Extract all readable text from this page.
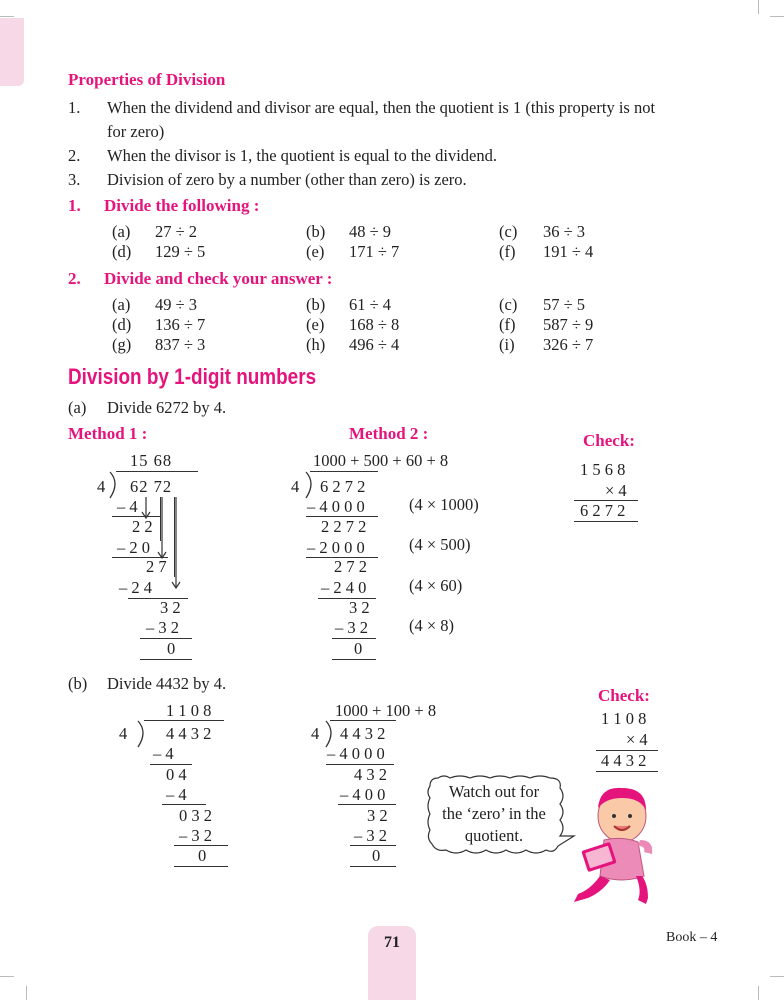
Properties of Division
1. When the dividend and divisor are equal, then the quotient is 1 (this property is not
for zero)
2. When the divisor is 1, the quotient is equal to the dividend.
3. Division of zero by a number (other than zero) is zero.
1. Divide the following :
(a) 27 ÷ 2	(b) 48 ÷ 9	(c) 36 ÷ 3
(d) 129 ÷ 5	(e) 171 ÷ 7	(f) 191 ÷ 4
2. Divide and check your answer :
(a) 49 ÷ 3	(b) 61 ÷ 4	(c) 57 ÷ 5
(d) 136 ÷ 7	(e) 168 ÷ 8	(f) 587 ÷ 9
(g) 837 ÷ 3	(h) 496 ÷ 4	(i) 326 ÷ 7
Division by 1-digit numbers
(a) Divide 6272 by 4.
Method 1 :	Method 2 :	Check:
15 68
4 62 72
– 4
2 2
– 2 0
2 7
– 2 4
3 2
– 3 2
0
1000 + 500 + 60 + 8
4 6 2 7 2
– 4 0 0 0
2 2 7 2
– 2 0 0 0
2 7 2
– 2 4 0
3 2
– 3 2
0
(4 × 1000)
(4 × 500)
(4 × 60)
(4 × 8)
1 5 6 8
× 4
6 2 7 2
(b) Divide 4432 by 4.
Check:
1 1 0 8
4 4 4 3 2
– 4
0 4
– 4
0 3 2
– 3 2
0
1000 + 100 + 8
4 4 4 3 2
– 4 0 0 0
4 3 2
– 4 0 0
3 2
– 3 2
0
1 1 0 8
× 4
4 4 3 2
Watch out for
the ‘zero’ in the
quotient.
71	Book – 4
